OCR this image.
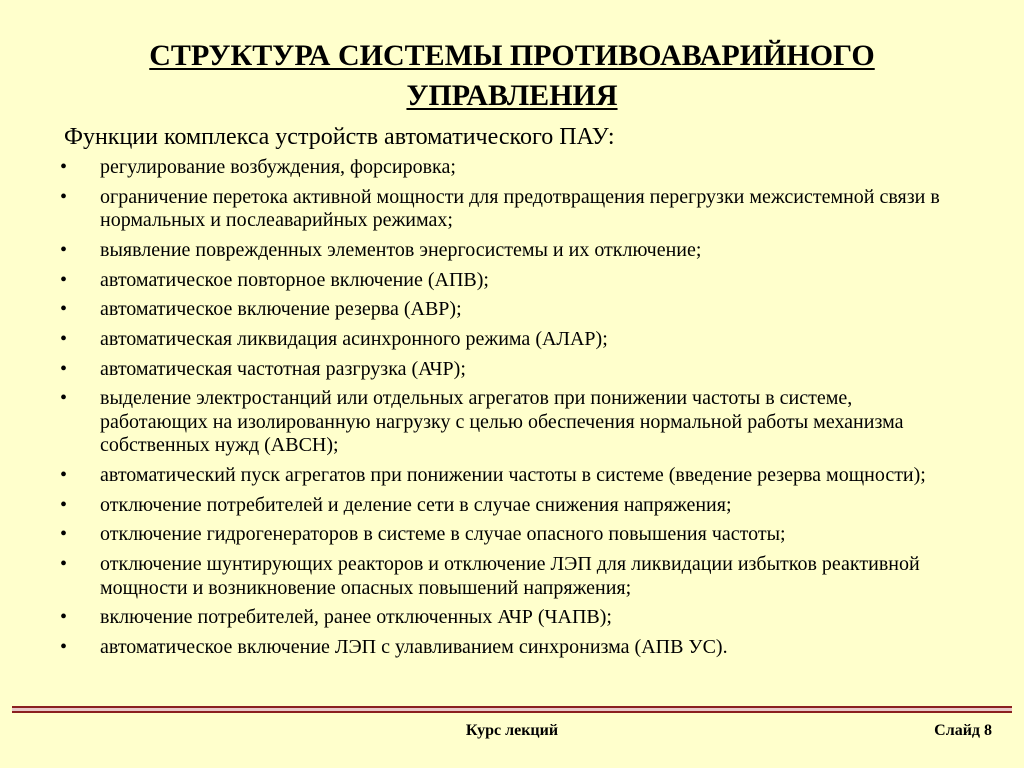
СТРУКТУРА СИСТЕМЫ ПРОТИВОАВАРИЙНОГО
УПРАВЛЕНИЯ
Функции комплекса устройств автоматического ПАУ:
• регулирование возбуждения, форсировка;
• ограничение перетока активной мощности для предотвращения перегрузки межсистемной связи в нормальных и послеаварийных режимах;
• выявление поврежденных элементов энергосистемы и их отключение;
• автоматическое повторное включение (АПВ);
• автоматическое включение резерва (АВР);
• автоматическая ликвидация асинхронного режима (АЛАР);
• автоматическая частотная разгрузка (АЧР);
• выделение электростанций или отдельных агрегатов при понижении частоты в системе, работающих на изолированную нагрузку с целью обеспечения нормальной работы механизма собственных нужд (АВСН);
• автоматический пуск агрегатов при понижении частоты в системе (введение резерва мощности);
• отключение потребителей и деление сети в случае снижения напряжения;
• отключение гидрогенераторов в системе в случае опасного повышения частоты;
• отключение шунтирующих реакторов и отключение ЛЭП для ликвидации избытков реактивной мощности и возникновение опасных повышений напряжения;
• включение потребителей, ранее отключенных АЧР (ЧАПВ);
• автоматическое включение ЛЭП с улавливанием синхронизма (АПВ УС).
Курс лекций	Слайд 8
